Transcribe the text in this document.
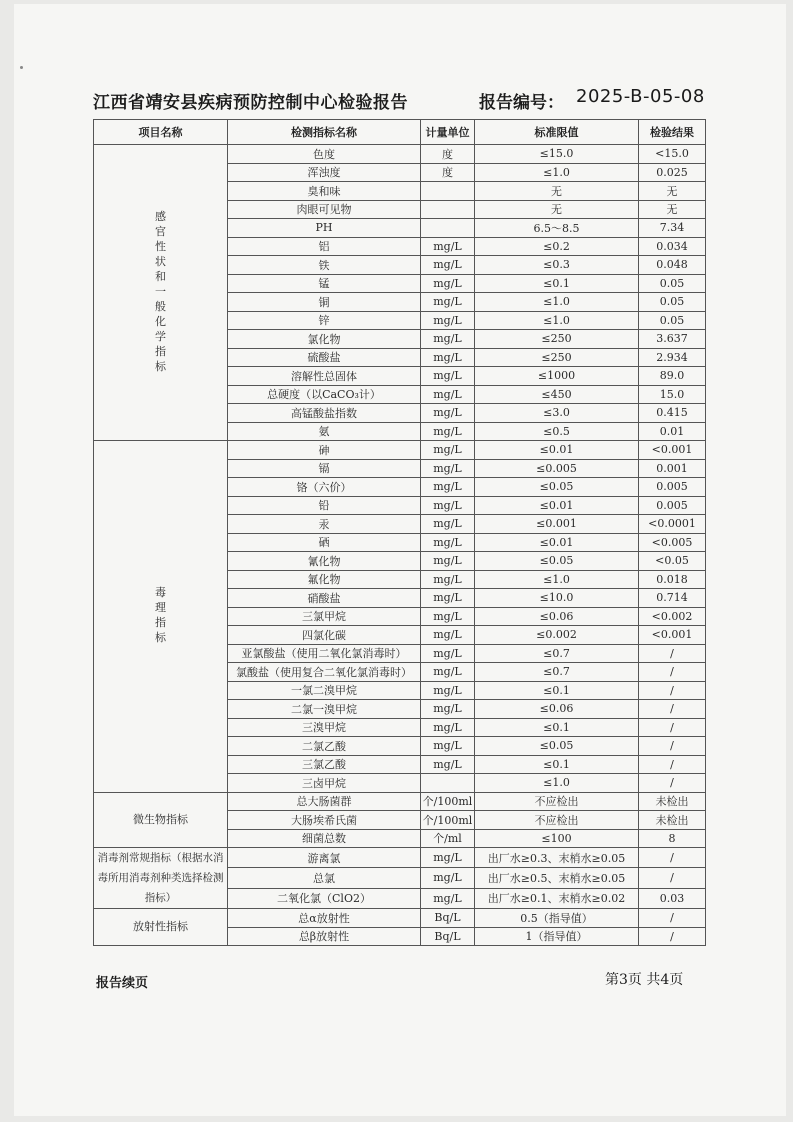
江西省靖安县疾病预防控制中心检验报告	报告编号： 2025-B-05-08
项目名称	检测指标名称	计量单位	标准限值	检验结果
感官性状和一般化学指标	色度	度	≤15.0	<15.0
	浑浊度	度	≤1.0	0.025
	臭和味		无	无
	肉眼可见物		无	无
	PH		6.5～8.5	7.34
	铝	mg/L	≤0.2	0.034
	铁	mg/L	≤0.3	0.048
	锰	mg/L	≤0.1	0.05
	铜	mg/L	≤1.0	0.05
	锌	mg/L	≤1.0	0.05
	氯化物	mg/L	≤250	3.637
	硫酸盐	mg/L	≤250	2.934
	溶解性总固体	mg/L	≤1000	89.0
	总硬度（以CaCO₃计）	mg/L	≤450	15.0
	高锰酸盐指数	mg/L	≤3.0	0.415
	氨	mg/L	≤0.5	0.01
毒理指标	砷	mg/L	≤0.01	<0.001
	镉	mg/L	≤0.005	0.001
	铬（六价）	mg/L	≤0.05	0.005
	铅	mg/L	≤0.01	0.005
	汞	mg/L	≤0.001	<0.0001
	硒	mg/L	≤0.01	<0.005
	氰化物	mg/L	≤0.05	<0.05
	氟化物	mg/L	≤1.0	0.018
	硝酸盐	mg/L	≤10.0	0.714
	三氯甲烷	mg/L	≤0.06	<0.002
	四氯化碳	mg/L	≤0.002	<0.001
	亚氯酸盐（使用二氧化氯消毒时）	mg/L	≤0.7	/
	氯酸盐（使用复合二氧化氯消毒时）	mg/L	≤0.7	/
	一氯二溴甲烷	mg/L	≤0.1	/
	二氯一溴甲烷	mg/L	≤0.06	/
	三溴甲烷	mg/L	≤0.1	/
	二氯乙酸	mg/L	≤0.05	/
	三氯乙酸	mg/L	≤0.1	/
	三卤甲烷		≤1.0	/
微生物指标	总大肠菌群	个/100ml	不应检出	未检出
	大肠埃希氏菌	个/100ml	不应检出	未检出
	细菌总数	个/ml	≤100	8
消毒剂常规指标（根据水消毒所用消毒剂种类选择检测指标）	游离氯	mg/L	出厂水≥0.3、末梢水≥0.05	/
	总氯	mg/L	出厂水≥0.5、末梢水≥0.05	/
	二氧化氯（ClO2）	mg/L	出厂水≥0.1、末梢水≥0.02	0.03
放射性指标	总α放射性	Bq/L	0.5（指导值）	/
	总β放射性	Bq/L	1（指导值）	/
报告续页	第3页 共4页
